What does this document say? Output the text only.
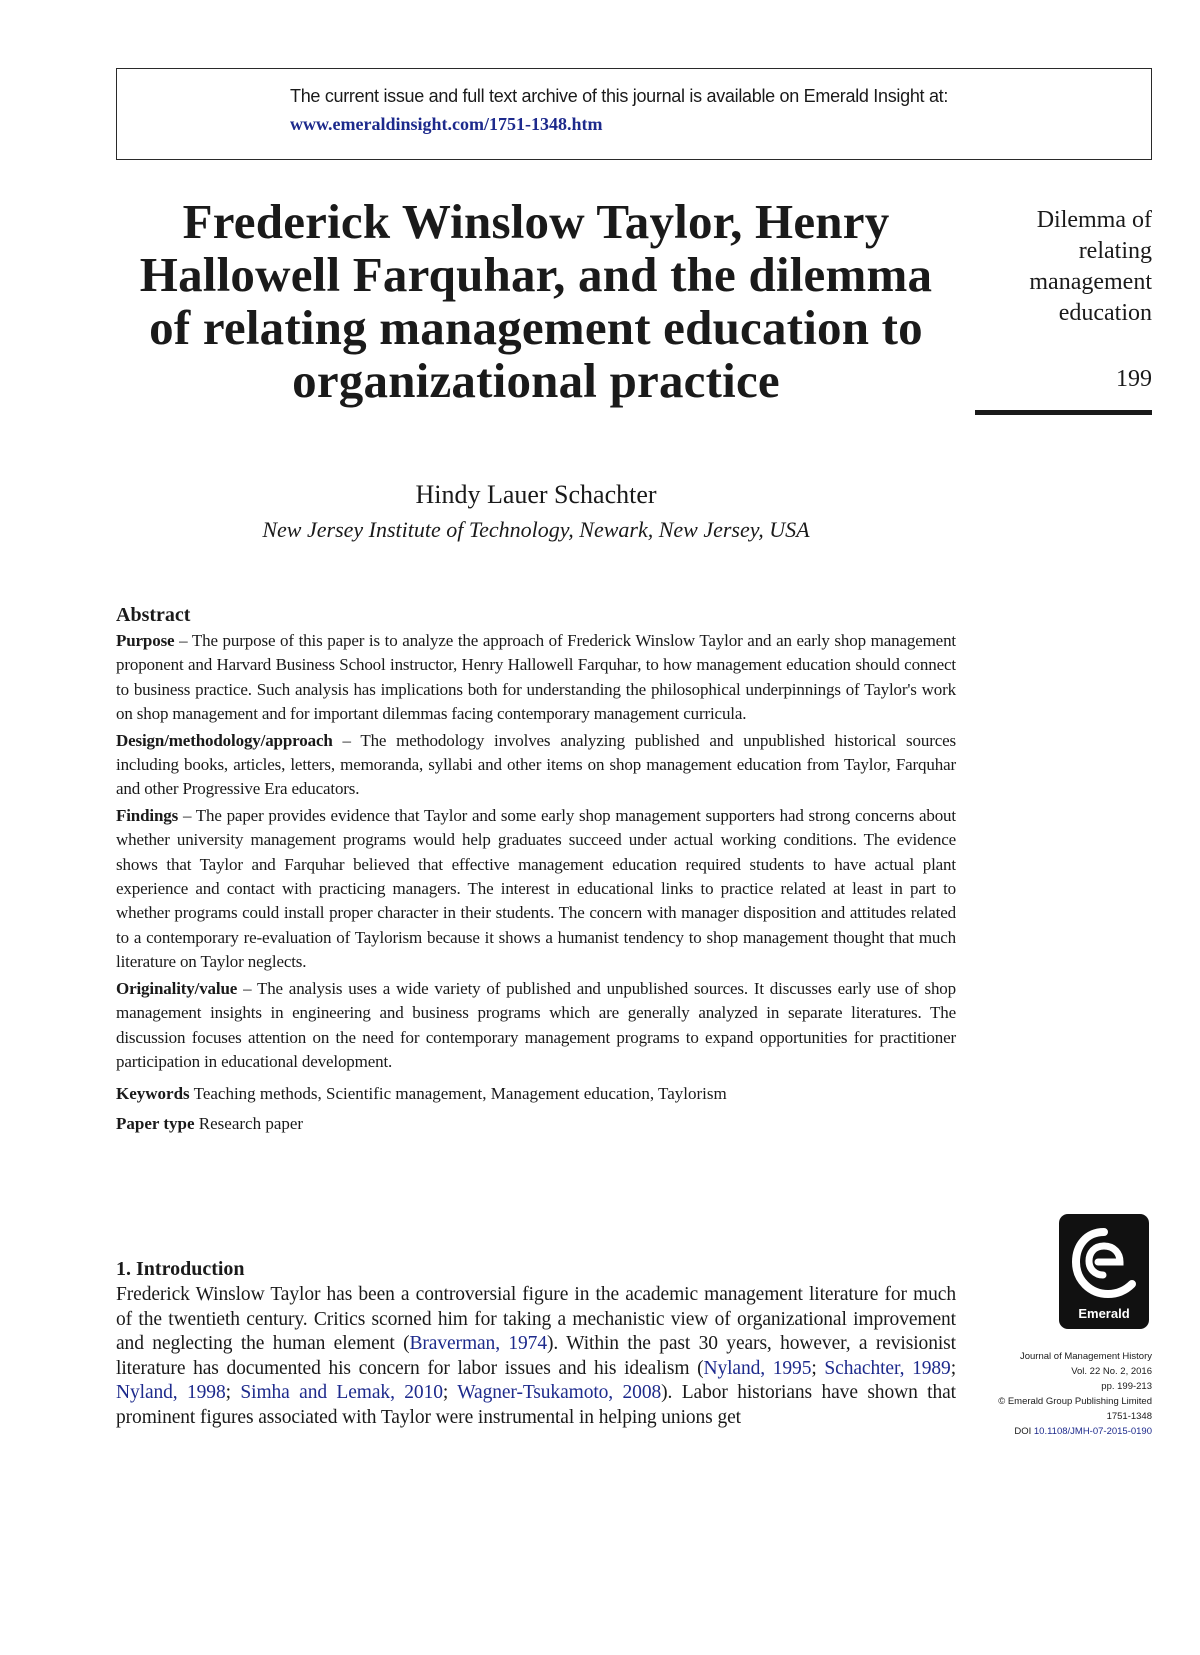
The current issue and full text archive of this journal is available on Emerald Insight at:
www.emeraldinsight.com/1751-1348.htm
Frederick Winslow Taylor, Henry Hallowell Farquhar, and the dilemma of relating management education to organizational practice
Hindy Lauer Schachter
New Jersey Institute of Technology, Newark, New Jersey, USA
Dilemma of relating management education
199
Abstract

Purpose – The purpose of this paper is to analyze the approach of Frederick Winslow Taylor and an early shop management proponent and Harvard Business School instructor, Henry Hallowell Farquhar, to how management education should connect to business practice. Such analysis has implications both for understanding the philosophical underpinnings of Taylor's work on shop management and for important dilemmas facing contemporary management curricula.

Design/methodology/approach – The methodology involves analyzing published and unpublished historical sources including books, articles, letters, memoranda, syllabi and other items on shop management education from Taylor, Farquhar and other Progressive Era educators.

Findings – The paper provides evidence that Taylor and some early shop management supporters had strong concerns about whether university management programs would help graduates succeed under actual working conditions. The evidence shows that Taylor and Farquhar believed that effective management education required students to have actual plant experience and contact with practicing managers. The interest in educational links to practice related at least in part to whether programs could install proper character in their students. The concern with manager disposition and attitudes related to a contemporary re-evaluation of Taylorism because it shows a humanist tendency to shop management thought that much literature on Taylor neglects.

Originality/value – The analysis uses a wide variety of published and unpublished sources. It discusses early use of shop management insights in engineering and business programs which are generally analyzed in separate literatures. The discussion focuses attention on the need for contemporary management programs to expand opportunities for practitioner participation in educational development.

Keywords Teaching methods, Scientific management, Management education, Taylorism

Paper type Research paper

1. Introduction

Frederick Winslow Taylor has been a controversial figure in the academic management literature for much of the twentieth century. Critics scorned him for taking a mechanistic view of organizational improvement and neglecting the human element (Braverman, 1974). Within the past 30 years, however, a revisionist literature has documented his concern for labor issues and his idealism (Nyland, 1995; Schachter, 1989; Nyland, 1998; Simha and Lemak, 2010; Wagner-Tsukamoto, 2008). Labor historians have shown that prominent figures associated with Taylor were instrumental in helping unions get

Emerald
Journal of Management History
Vol. 22 No. 2, 2016
pp. 199-213
© Emerald Group Publishing Limited
1751-1348
DOI 10.1108/JMH-07-2015-0190
